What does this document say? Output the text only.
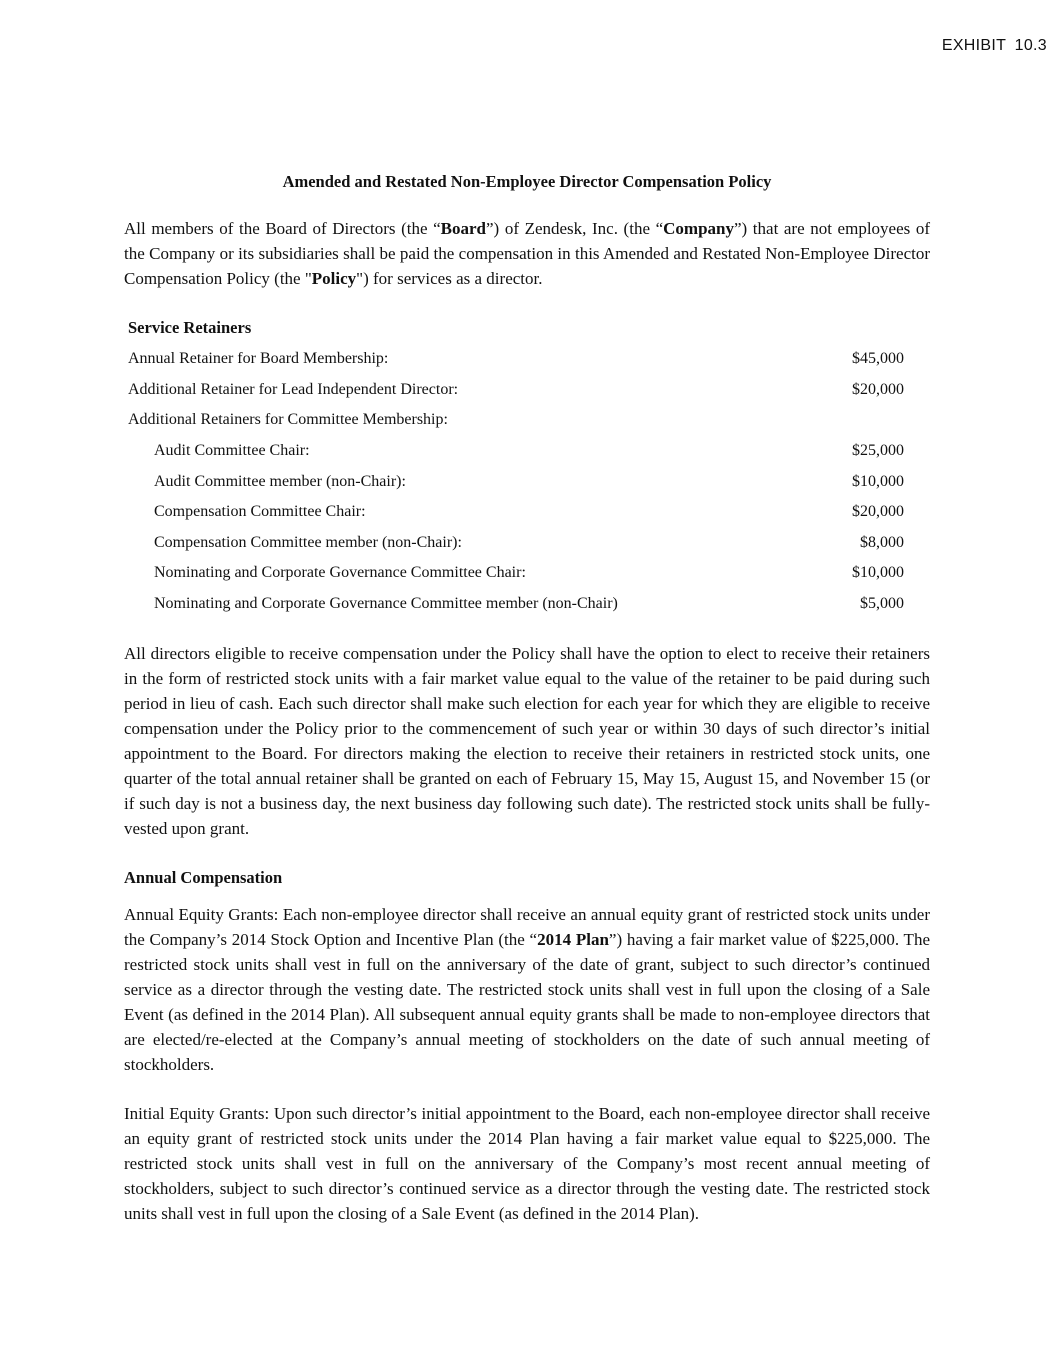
EXHIBIT 10.3
Amended and Restated Non-Employee Director Compensation Policy

All members of the Board of Directors (the “Board”) of Zendesk, Inc. (the “Company”) that are not employees of the Company or its subsidiaries shall be paid the compensation in this Amended and Restated Non-Employee Director Compensation Policy (the "Policy") for services as a director.

Service Retainers
Annual Retainer for Board Membership:	$45,000
Additional Retainer for Lead Independent Director:	$20,000
Additional Retainers for Committee Membership:
Audit Committee Chair:	$25,000
Audit Committee member (non-Chair):	$10,000
Compensation Committee Chair:	$20,000
Compensation Committee member (non-Chair):	$8,000
Nominating and Corporate Governance Committee Chair:	$10,000
Nominating and Corporate Governance Committee member (non-Chair)	$5,000

All directors eligible to receive compensation under the Policy shall have the option to elect to receive their retainers in the form of restricted stock units with a fair market value equal to the value of the retainer to be paid during such period in lieu of cash. Each such director shall make such election for each year for which they are eligible to receive compensation under the Policy prior to the commencement of such year or within 30 days of such director’s initial appointment to the Board. For directors making the election to receive their retainers in restricted stock units, one quarter of the total annual retainer shall be granted on each of February 15, May 15, August 15, and November 15 (or if such day is not a business day, the next business day following such date). The restricted stock units shall be fully-vested upon grant.

Annual Compensation

Annual Equity Grants: Each non-employee director shall receive an annual equity grant of restricted stock units under the Company’s 2014 Stock Option and Incentive Plan (the “2014 Plan”) having a fair market value of $225,000. The restricted stock units shall vest in full on the anniversary of the date of grant, subject to such director’s continued service as a director through the vesting date. The restricted stock units shall vest in full upon the closing of a Sale Event (as defined in the 2014 Plan). All subsequent annual equity grants shall be made to non-employee directors that are elected/re-elected at the Company’s annual meeting of stockholders on the date of such annual meeting of stockholders.

Initial Equity Grants: Upon such director’s initial appointment to the Board, each non-employee director shall receive an equity grant of restricted stock units under the 2014 Plan having a fair market value equal to $225,000. The restricted stock units shall vest in full on the anniversary of the Company’s most recent annual meeting of stockholders, subject to such director’s continued service as a director through the vesting date. The restricted stock units shall vest in full upon the closing of a Sale Event (as defined in the 2014 Plan).
